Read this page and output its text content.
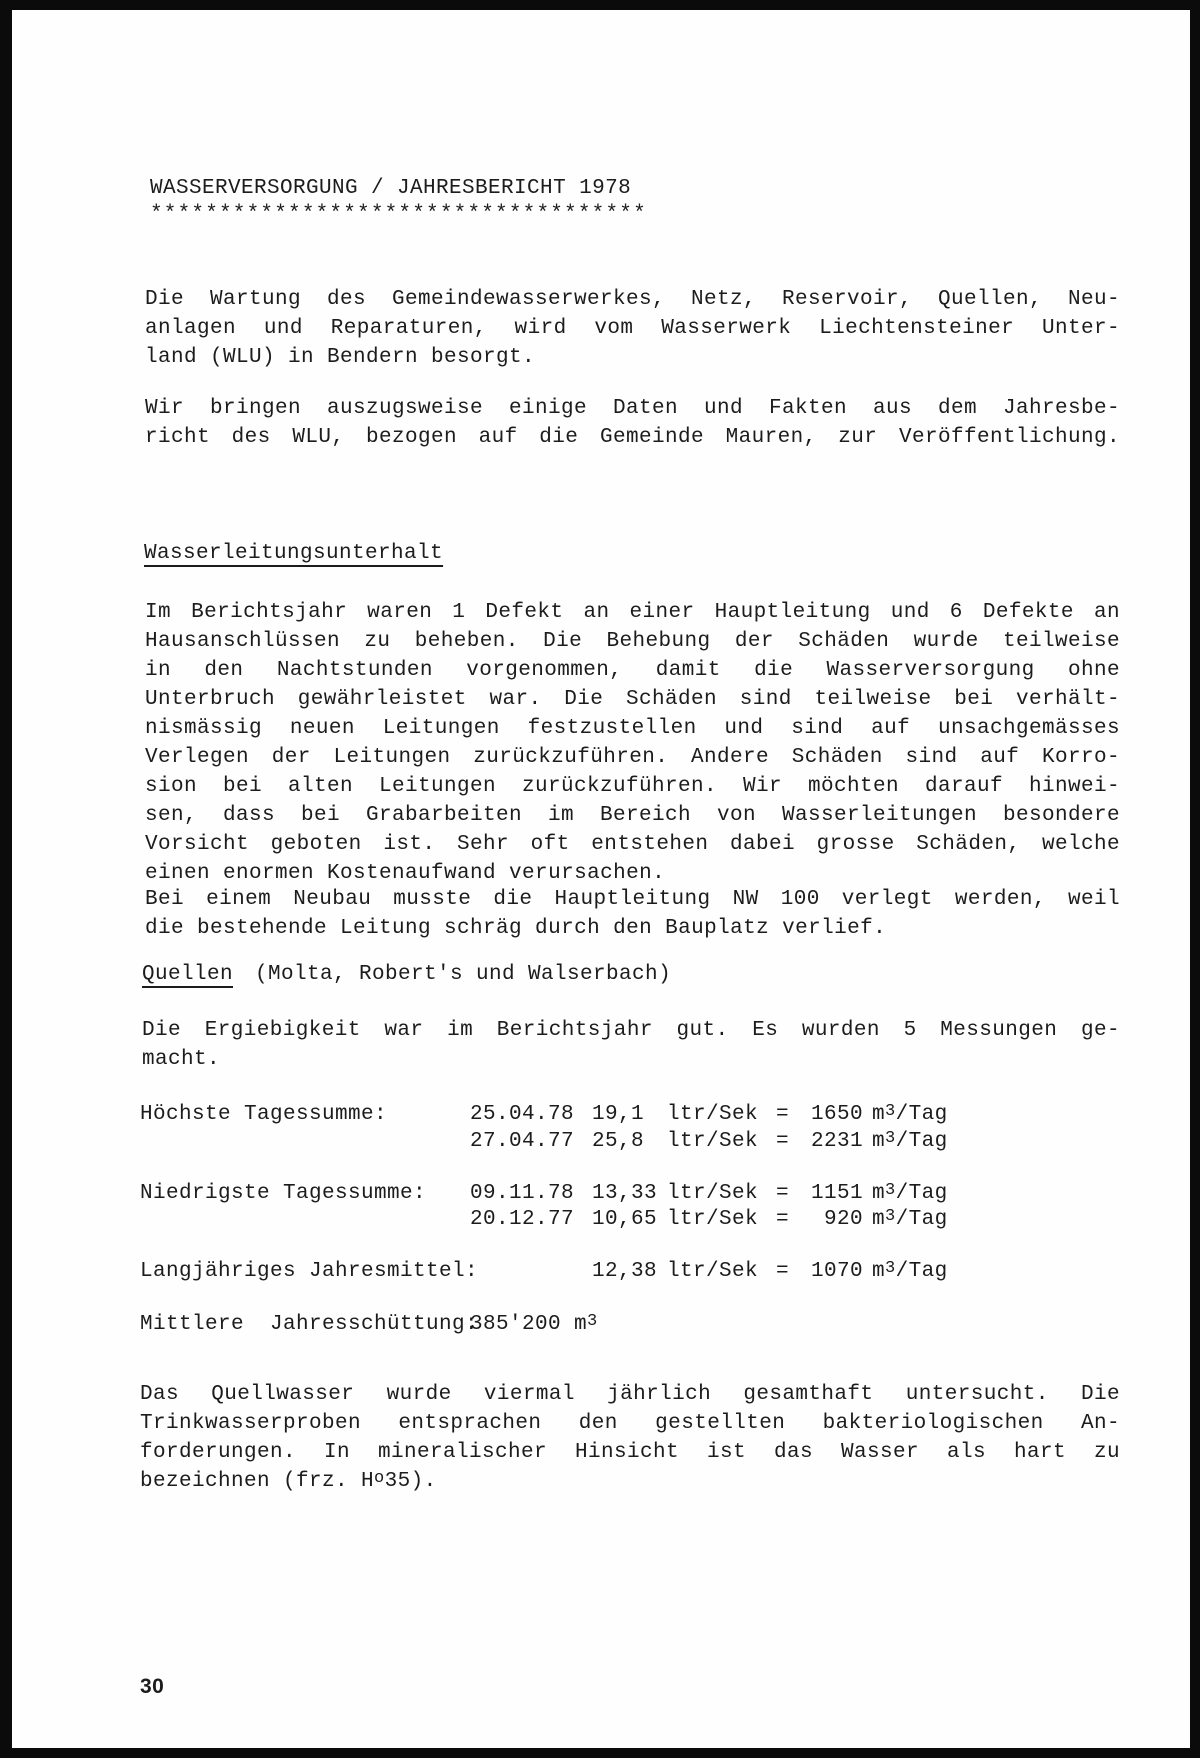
WASSERVERSORGUNG / JAHRESBERICHT 1978
************************************
Die Wartung des Gemeindewasserwerkes, Netz, Reservoir, Quellen, Neu-
anlagen und Reparaturen, wird vom Wasserwerk Liechtensteiner Unter-
land (WLU) in Bendern besorgt.
Wir bringen auszugsweise einige Daten und Fakten aus dem Jahresbe-
richt des WLU, bezogen auf die Gemeinde Mauren, zur Veröffentlichung.
Wasserleitungsunterhalt
Im Berichtsjahr waren 1 Defekt an einer Hauptleitung und 6 Defekte an
Hausanschlüssen zu beheben. Die Behebung der Schäden wurde teilweise
in den Nachtstunden vorgenommen, damit die Wasserversorgung ohne
Unterbruch gewährleistet war. Die Schäden sind teilweise bei verhält-
nismässig neuen Leitungen festzustellen und sind auf unsachgemässes
Verlegen der Leitungen zurückzuführen. Andere Schäden sind auf Korro-
sion bei alten Leitungen zurückzuführen. Wir möchten darauf hinwei-
sen, dass bei Grabarbeiten im Bereich von Wasserleitungen besondere
Vorsicht geboten ist. Sehr oft entstehen dabei grosse Schäden, welche
einen enormen Kostenaufwand verursachen.
Bei einem Neubau musste die Hauptleitung NW 100 verlegt werden, weil
die bestehende Leitung schräg durch den Bauplatz verlief.
Quellen (Molta, Robert's und Walserbach)
Die Ergiebigkeit war im Berichtsjahr gut. Es wurden 5 Messungen ge-
macht.
Höchste Tagessumme:	25.04.78 19,1 ltr/Sek = 1650 $m^3$/Tag
27.04.77 25,8 ltr/Sek = 2231 $m^3$/Tag
Niedrigste Tagessumme: 09.11.78 13,33 ltr/Sek = 1151 $m^3$/Tag
20.12.77 10,65 ltr/Sek =	920 $m^3$/Tag
Langjähriges Jahresmittel:	12,38 ltr/Sek = 1070 $m^3$/Tag
Mittlere  Jahresschüttung:
385'200 $m^3$
Das Quellwasser wurde viermal jährlich gesamthaft untersucht. Die
Trinkwasserproben entsprachen den gestellten bakteriologischen An-
forderungen. In mineralischer Hinsicht ist das Wasser als hart zu
bezeichnen (frz. $H^o35$).
30
